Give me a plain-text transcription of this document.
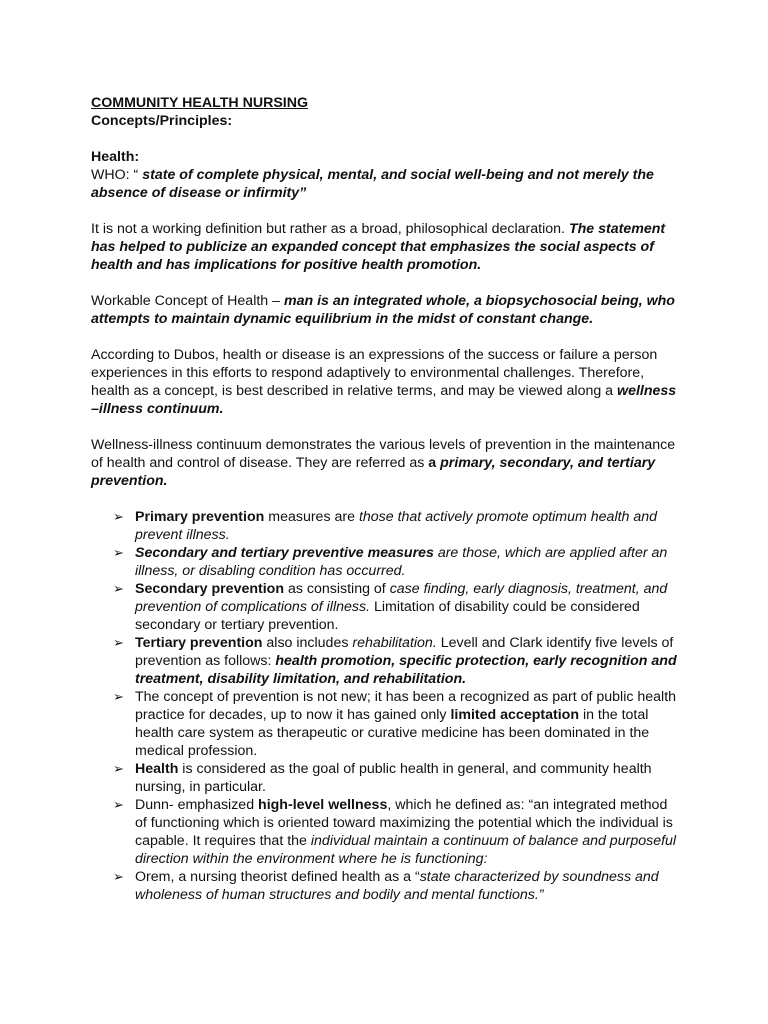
COMMUNITY HEALTH NURSING

Concepts/Principles:

Health:

WHO: “ state of complete physical, mental, and social well-being and not merely the absence of disease or infirmity”

It is not a working definition but rather as a broad, philosophical declaration. The statement has helped to publicize an expanded concept that emphasizes the social aspects of health and has implications for positive health promotion.

Workable Concept of Health – man is an integrated whole, a biopsychosocial being, who attempts to maintain dynamic equilibrium in the midst of constant change.

According to Dubos, health or disease is an expressions of the success or failure a person experiences in this efforts to respond adaptively to environmental challenges. Therefore, health as a concept, is best described in relative terms, and may be viewed along a wellness –illness continuum.

Wellness-illness continuum demonstrates the various levels of prevention in the maintenance of health and control of disease. They are referred as a primary, secondary, and tertiary prevention.

➢ Primary prevention measures are those that actively promote optimum health and prevent illness.
➢ Secondary and tertiary preventive measures are those, which are applied after an illness, or disabling condition has occurred.
➢ Secondary prevention as consisting of case finding, early diagnosis, treatment, and prevention of complications of illness. Limitation of disability could be considered secondary or tertiary prevention.
➢ Tertiary prevention also includes rehabilitation. Levell and Clark identify five levels of prevention as follows: health promotion, specific protection, early recognition and treatment, disability limitation, and rehabilitation.
➢ The concept of prevention is not new; it has been a recognized as part of public health practice for decades, up to now it has gained only limited acceptation in the total health care system as therapeutic or curative medicine has been dominated in the medical profession.
➢ Health is considered as the goal of public health in general, and community health nursing, in particular.
➢ Dunn- emphasized high-level wellness, which he defined as: “an integrated method of functioning which is oriented toward maximizing the potential which the individual is capable. It requires that the individual maintain a continuum of balance and purposeful direction within the environment where he is functioning:
➢ Orem, a nursing theorist defined health as a “state characterized by soundness and wholeness of human structures and bodily and mental functions.”
